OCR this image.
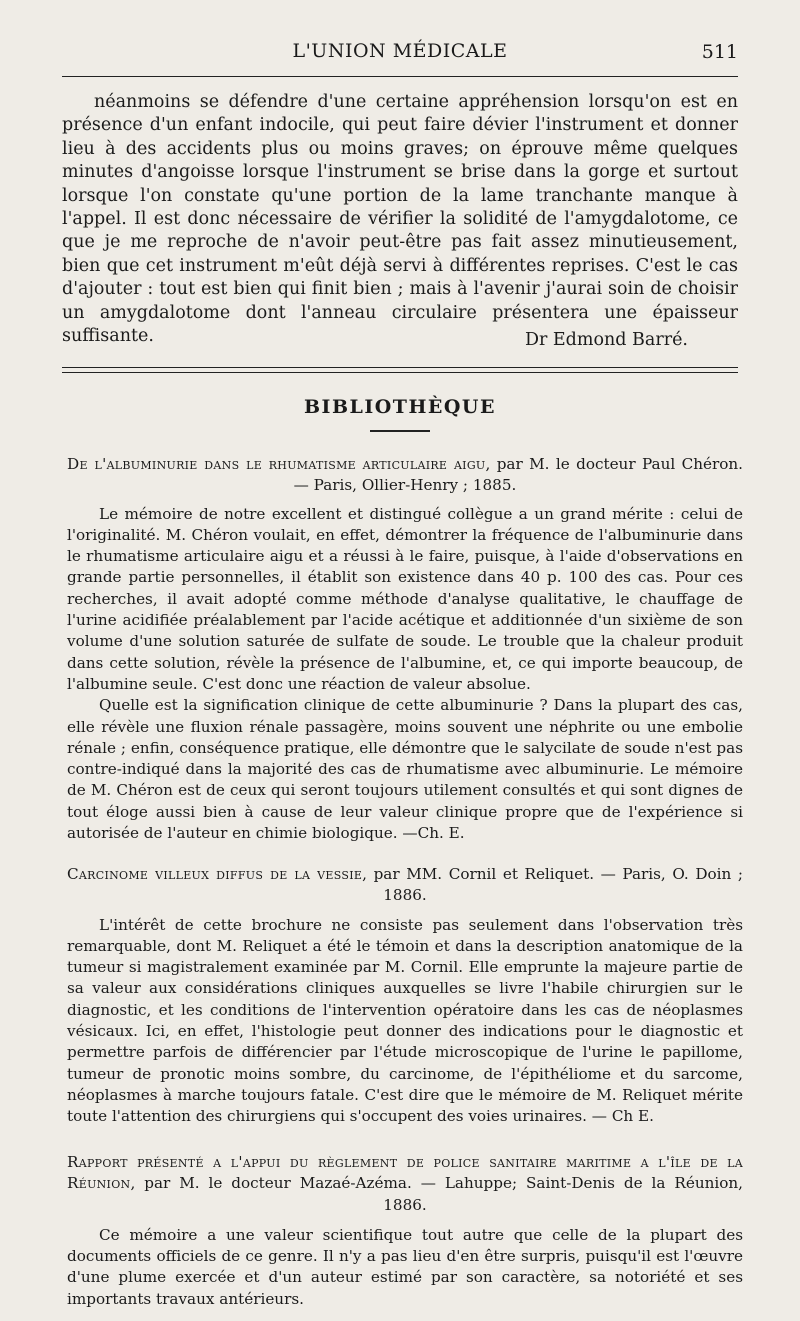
L'UNION MÉDICALE	511

néanmoins se défendre d'une certaine appréhension lorsqu'on est en présence d'un enfant indocile, qui peut faire dévier l'instrument et donner lieu à des accidents plus ou moins graves; on éprouve même quelques minutes d'angoisse lorsque l'instrument se brise dans la gorge et surtout lorsque l'on constate qu'une portion de la lame tranchante manque à l'appel. Il est donc nécessaire de vérifier la solidité de l'amygdalotome, ce que je me reproche de n'avoir peut-être pas fait assez minutieusement, bien que cet instrument m'eût déjà servi à différentes reprises. C'est le cas d'ajouter : tout est bien qui finit bien ; mais à l'avenir j'aurai soin de choisir un amygdalotome dont l'anneau circulaire présentera une épaisseur suffisante.	Dr Edmond Barré.
BIBLIOTHÈQUE
De l'albuminurie dans le rhumatisme articulaire aigu, par M. le docteur Paul Chéron. — Paris, Ollier-Henry ; 1885.

Le mémoire de notre excellent et distingué collègue a un grand mérite : celui de l'originalité. M. Chéron voulait, en effet, démontrer la fréquence de l'albuminurie dans le rhumatisme articulaire aigu et a réussi à le faire, puisque, à l'aide d'observations en grande partie personnelles, il établit son existence dans 40 p. 100 des cas. Pour ces recherches, il avait adopté comme méthode d'analyse qualitative, le chauffage de l'urine acidifiée préalablement par l'acide acétique et additionnée d'un sixième de son volume d'une solution saturée de sulfate de soude. Le trouble que la chaleur produit dans cette solution, révèle la présence de l'albumine, et, ce qui importe beaucoup, de l'albumine seule. C'est donc une réaction de valeur absolue.

Quelle est la signification clinique de cette albuminurie ? Dans la plupart des cas, elle révèle une fluxion rénale passagère, moins souvent une néphrite ou une embolie rénale ; enfin, conséquence pratique, elle démontre que le salycilate de soude n'est pas contre-indiqué dans la majorité des cas de rhumatisme avec albuminurie. Le mémoire de M. Chéron est de ceux qui seront toujours utilement consultés et qui sont dignes de tout éloge aussi bien à cause de leur valeur clinique propre que de l'expérience si autorisée de l'auteur en chimie biologique. —Ch. E.

Carcinome villeux diffus de la vessie, par MM. Cornil et Reliquet. — Paris, O. Doin ; 1886.

L'intérêt de cette brochure ne consiste pas seulement dans l'observation très remarquable, dont M. Reliquet a été le témoin et dans la description anatomique de la tumeur si magistralement examinée par M. Cornil. Elle emprunte la majeure partie de sa valeur aux considérations cliniques auxquelles se livre l'habile chirurgien sur le diagnostic, et les conditions de l'intervention opératoire dans les cas de néoplasmes vésicaux. Ici, en effet, l'histologie peut donner des indications pour le diagnostic et permettre parfois de différencier par l'étude microscopique de l'urine le papillome, tumeur de pronotic moins sombre, du carcinome, de l'épithéliome et du sarcome, néoplasmes à marche toujours fatale. C'est dire que le mémoire de M. Reliquet mérite toute l'attention des chirurgiens qui s'occupent des voies urinaires. — Ch E.

Rapport présenté a l'appui du règlement de police sanitaire maritime a l'île de la Réunion, par M. le docteur Mazaé-Azéma. — Lahuppe; Saint-Denis de la Réunion, 1886.

Ce mémoire a une valeur scientifique tout autre que celle de la plupart des documents officiels de ce genre. Il n'y a pas lieu d'en être surpris, puisqu'il est l'œuvre d'une plume exercée et d'un auteur estimé par son caractère, sa notoriété et ses importants travaux antérieurs.
